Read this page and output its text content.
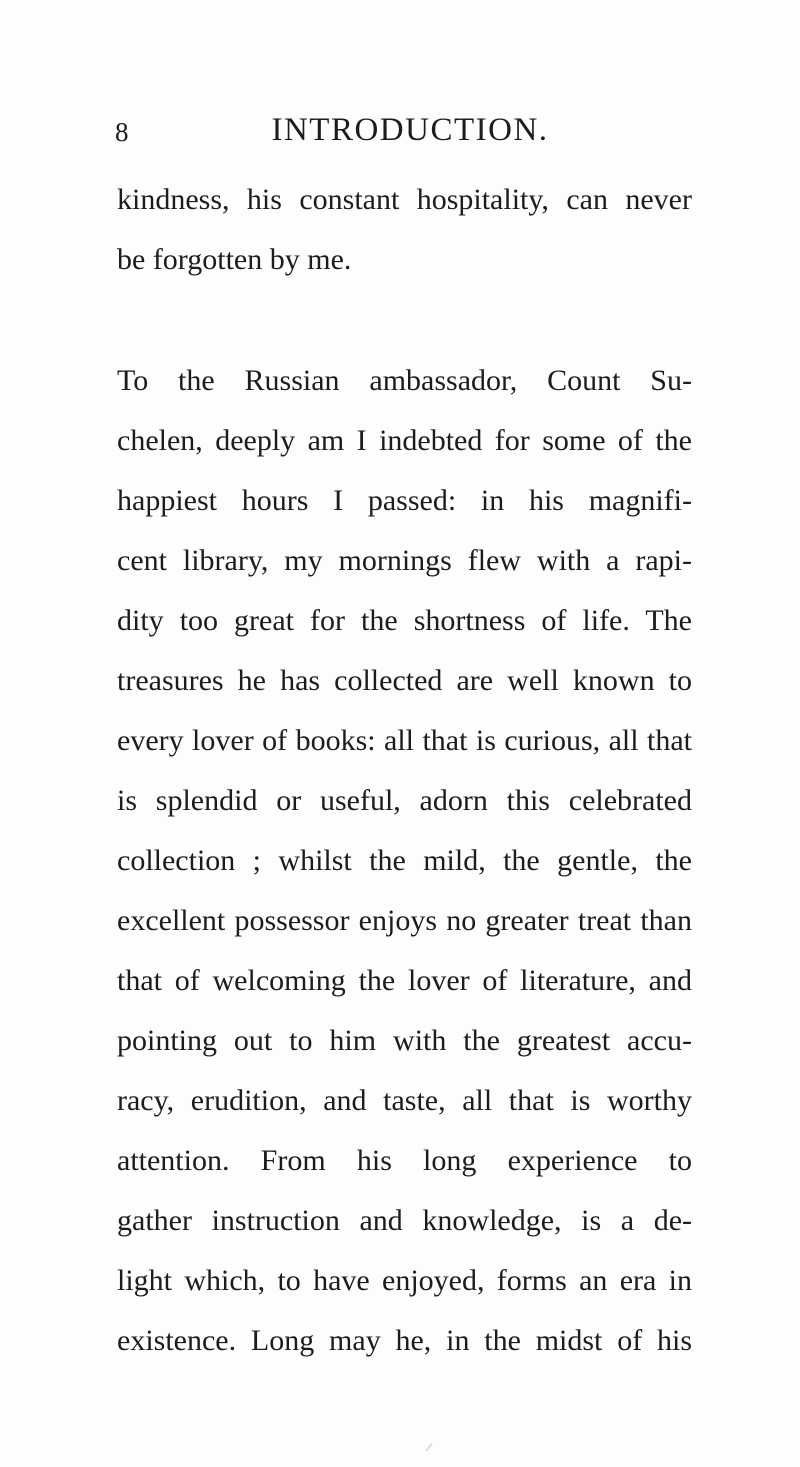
8	INTRODUCTION.
kindness, his constant hospitality, can never
be forgotten by me.
To the Russian ambassador, Count Su-
chelen, deeply am I indebted for some of the
happiest hours I passed: in his magnifi-
cent library, my mornings flew with a rapi-
dity too great for the shortness of life. The
treasures he has collected are well known to
every lover of books: all that is curious, all that
is splendid or useful, adorn this celebrated
collection ; whilst the mild, the gentle, the
excellent possessor enjoys no greater treat than
that of welcoming the lover of literature, and
pointing out to him with the greatest accu-
racy, erudition, and taste, all that is worthy
attention. From his long experience to
gather instruction and knowledge, is a de-
light which, to have enjoyed, forms an era in
existence. Long may he, in the midst of his
⁄
